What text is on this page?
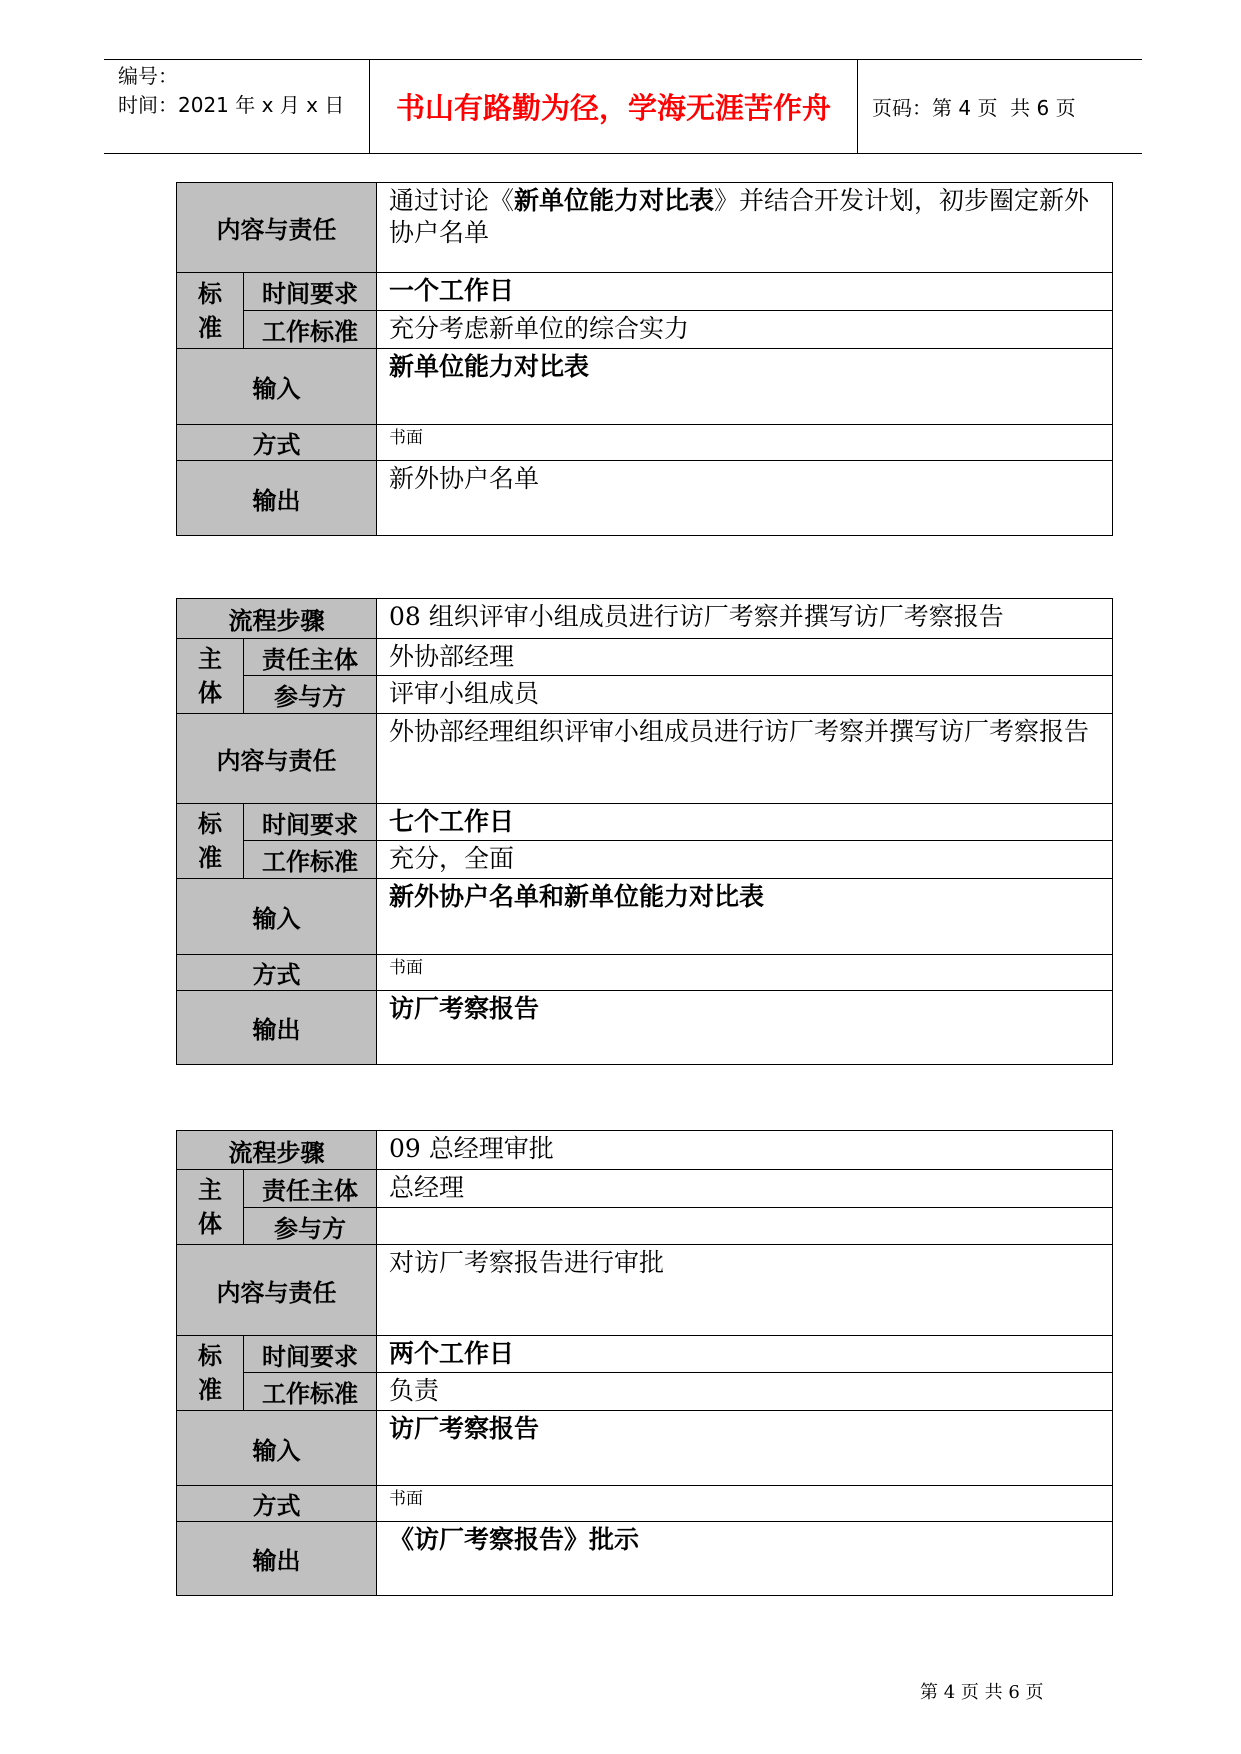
编号：
时间：2021 年 x 月 x 日 书山有路勤为径，学海无涯苦作舟 页码：第 4 页  共 6 页
内容与责任		通过讨论《新单位能力对比表》并结合开发计划，初步圈定新外协户名单
标
准	时间要求	一个工作日
	工作标准	充分考虑新单位的综合实力
输入		新单位能力对比表
方式		书面
输出		新外协户名单
流程步骤		08 组织评审小组成员进行访厂考察并撰写访厂考察报告
主
体	责任主体	外协部经理
	参与方	评审小组成员
内容与责任		外协部经理组织评审小组成员进行访厂考察并撰写访厂考察报告
标
准	时间要求	七个工作日
	工作标准	充分，全面
输入		新外协户名单和新单位能力对比表
方式		书面
输出		访厂考察报告
流程步骤		09 总经理审批
主
体	责任主体	总经理
	参与方	
内容与责任		对访厂考察报告进行审批
标
准	时间要求	两个工作日
	工作标准	负责
输入		访厂考察报告
方式		书面
输出		《访厂考察报告》批示
第 4 页 共 6 页
